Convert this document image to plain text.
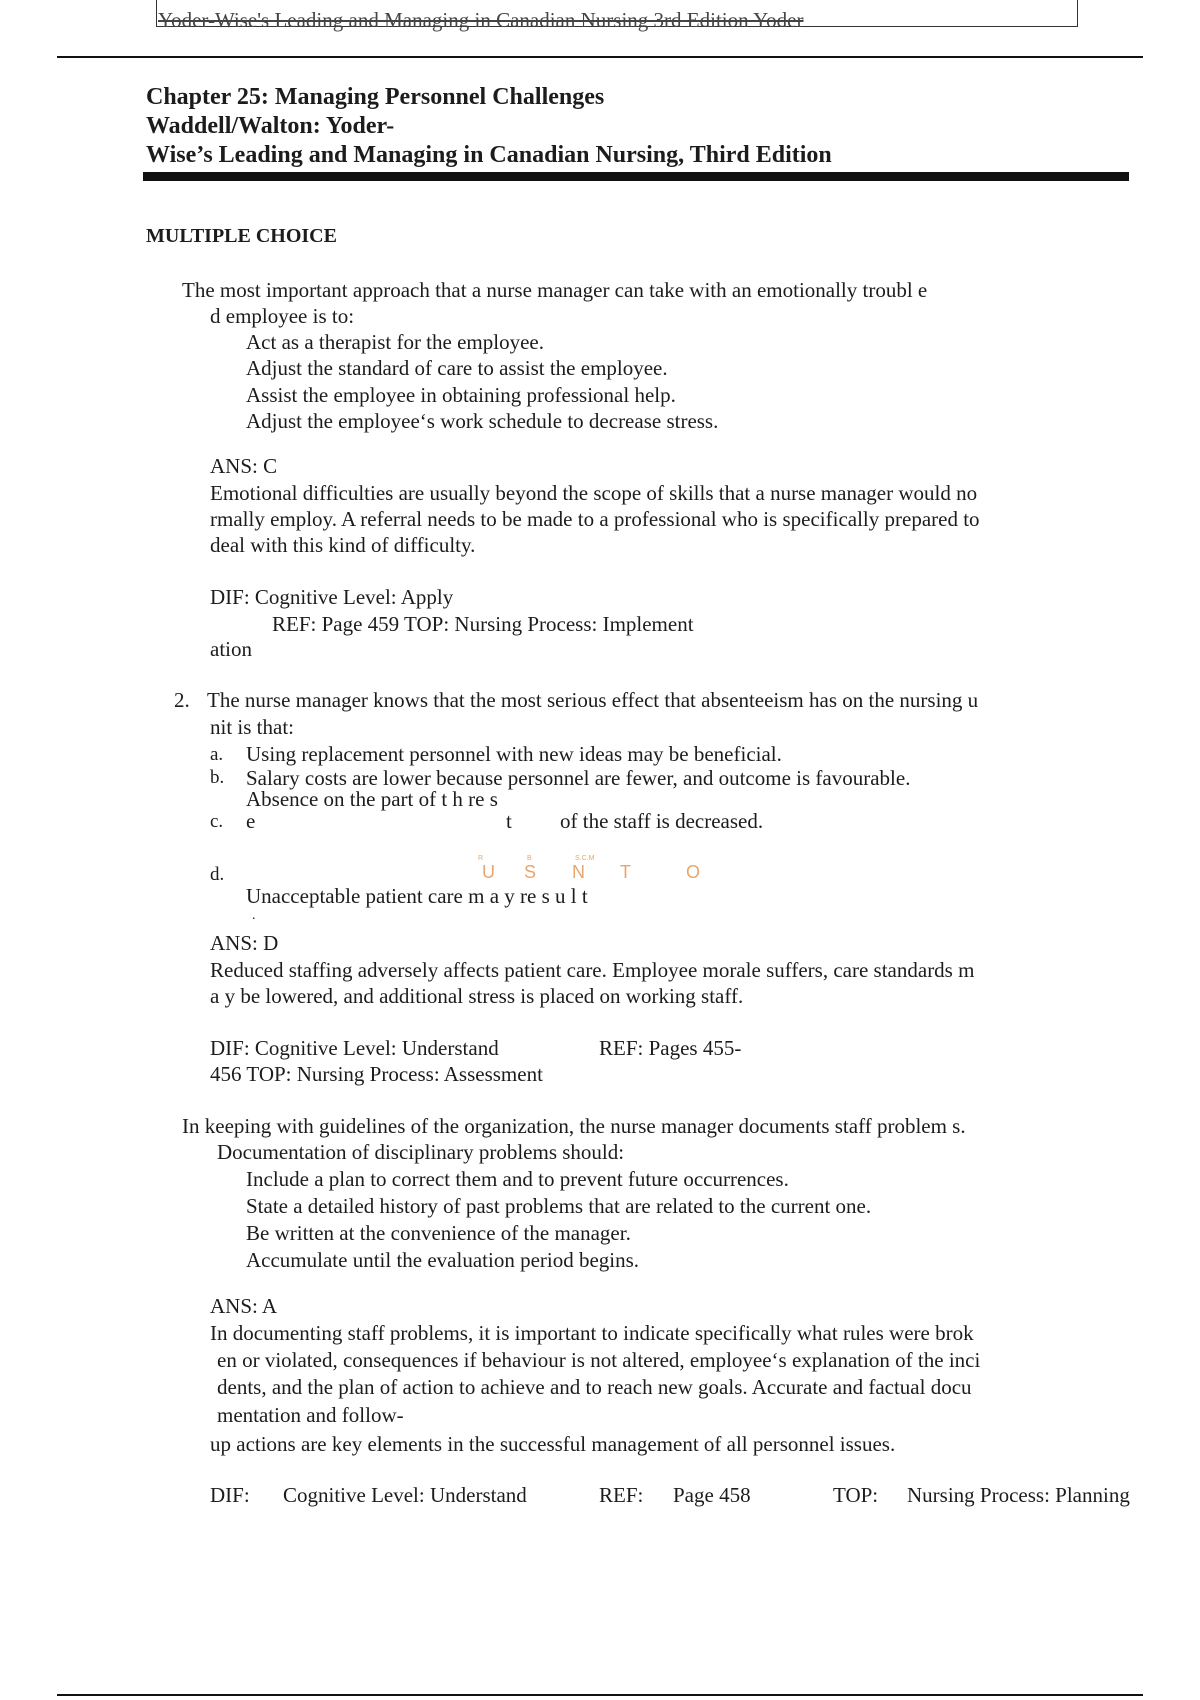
Yoder-Wise's Leading and Managing in Canadian Nursing 3rd Edition Yoder
Chapter 25: Managing Personnel Challenges
Waddell/Walton: Yoder-
Wise’s Leading and Managing in Canadian Nursing, Third Edition
MULTIPLE CHOICE
The most important approach that a nurse manager can take with an emotionally troubl e
d employee is to:
Act as a therapist for the employee.
Adjust the standard of care to assist the employee.
Assist the employee in obtaining professional help.
Adjust the employee‘s work schedule to decrease stress.
ANS: C
Emotional difficulties are usually beyond the scope of skills that a nurse manager would no
rmally employ. A referral needs to be made to a professional who is specifically prepared to
deal with this kind of difficulty.
DIF: Cognitive Level: Apply
REF: Page 459 TOP: Nursing Process: Implement
ation
2. The nurse manager knows that the most serious effect that absenteeism has on the nursing u
nit is that:
a. Using replacement personnel with new ideas may be beneficial.
b. Salary costs are lower because personnel are fewer, and outcome is favourable.
Absence on the part of t h re s
c. e	t of the staff is decreased.
d.
R	B	S.C.M
U S N T	O
Unacceptable patient care m a y re s u l t
.
ANS: D
Reduced staffing adversely affects patient care. Employee morale suffers, care standards m
a y be lowered, and additional stress is placed on working staff.
DIF: Cognitive Level: Understand	REF: Pages 455-
456 TOP: Nursing Process: Assessment
In keeping with guidelines of the organization, the nurse manager documents staff problem s.
Documentation of disciplinary problems should:
Include a plan to correct them and to prevent future occurrences.
State a detailed history of past problems that are related to the current one.
Be written at the convenience of the manager.
Accumulate until the evaluation period begins.
ANS: A
In documenting staff problems, it is important to indicate specifically what rules were brok
en or violated, consequences if behaviour is not altered, employee‘s explanation of the inci
dents, and the plan of action to achieve and to reach new goals. Accurate and factual docu
mentation and follow-
up actions are key elements in the successful management of all personnel issues.
DIF: Cognitive Level: Understand	REF: Page 458	TOP: Nursing Process: Planning
